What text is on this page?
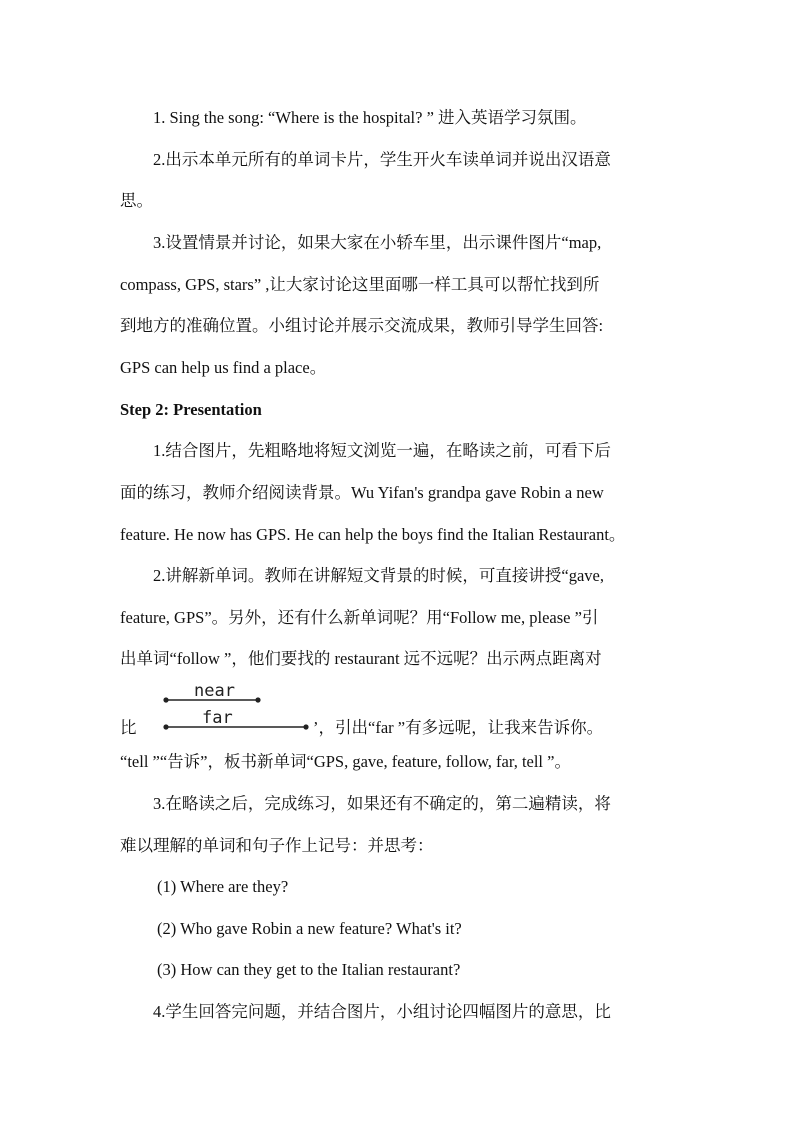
1. Sing the song: “Where is the hospital? ” 进入英语学习氛围。
2.出示本单元所有的单词卡片，学生开火车读单词并说出汉语意
思。
3.设置情景并讨论，如果大家在小轿车里，出示课件图片“map,
compass, GPS, stars” ,让大家讨论这里面哪一样工具可以帮忙找到所
到地方的准确位置。小组讨论并展示交流成果，教师引导学生回答:
GPS can help us find a place。
Step 2: Presentation
1.结合图片，先粗略地将短文浏览一遍，在略读之前，可看下后
面的练习，教师介绍阅读背景。Wu Yifan's grandpa gave Robin a new
feature. He now has GPS. He can help the boys find the Italian Restaurant。
2.讲解新单词。教师在讲解短文背景的时候，可直接讲授“gave,
feature, GPS”。另外，还有什么新单词呢？用“Follow me, please ”引
出单词“follow ”，他们要找的 restaurant 远不远呢？出示两点距离对
比
near
far	’，引出“far ”有多远呢，让我来告诉你。
“tell ”“告诉”，板书新单词“GPS, gave, feature, follow, far, tell ”。
3.在略读之后，完成练习，如果还有不确定的，第二遍精读，将
难以理解的单词和句子作上记号：并思考：
(1) Where are they?
(2) Who gave Robin a new feature? What's it?
(3) How can they get to the Italian restaurant?
4.学生回答完问题，并结合图片，小组讨论四幅图片的意思，比
